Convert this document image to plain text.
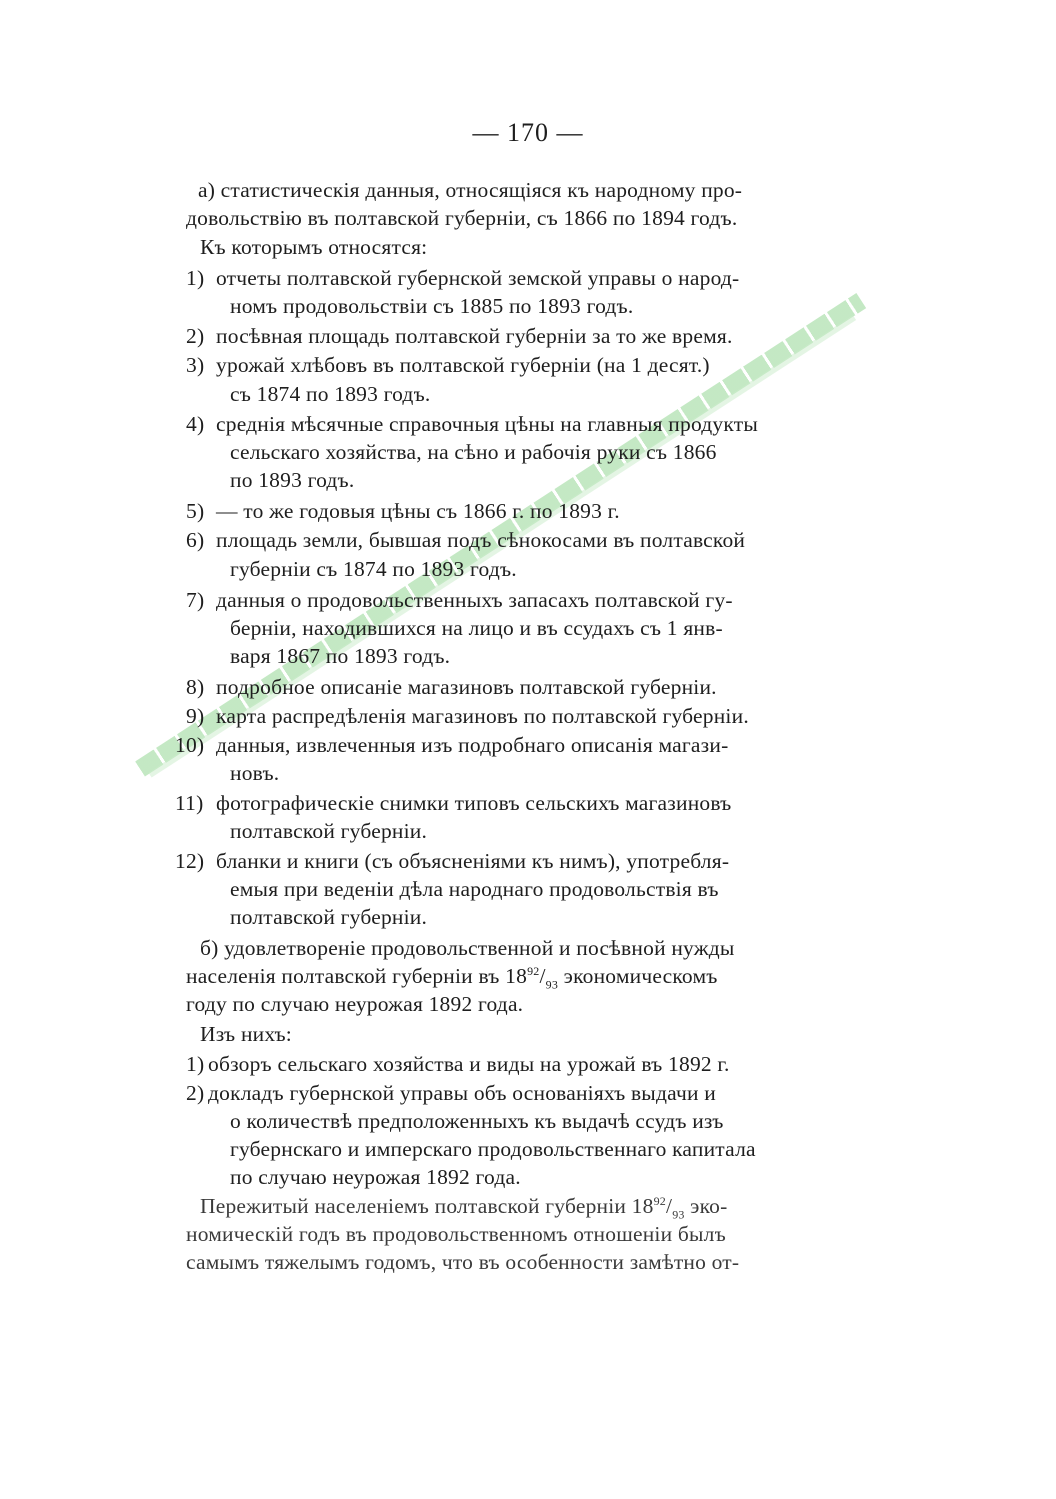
— 170 —
а) статистическія данныя, относящіяся къ народному про-
довольствію въ полтавской губерніи, съ 1866 по 1894 годъ.
Къ которымъ относятся:
1) отчеты полтавской губернской земской управы о народ-
номъ продовольствіи съ 1885 по 1893 годъ.
2) посѣвная площадь полтавской губерніи за то же время.
3) урожай хлѣбовъ въ полтавской губерніи (на 1 десят.)
съ 1874 по 1893 годъ.
4) среднія мѣсячные справочныя цѣны на главныя продукты
сельскаго хозяйства, на сѣно и рабочія руки съ 1866
по 1893 годъ.
5) — то же годовыя цѣны съ 1866 г. по 1893 г.
6) площадь земли, бывшая подъ сѣнокосами въ полтавской
губерніи съ 1874 по 1893 годъ.
7) данныя о продовольственныхъ запасахъ полтавской гу-
берніи, находившихся на лицо и въ ссудахъ съ 1 янв-
варя 1867 по 1893 годъ.
8) подробное описаніе магазиновъ полтавской губерніи.
9) карта распредѣленія магазиновъ по полтавской губерніи.
10) данныя, извлеченныя изъ подробнаго описанія магази-
новъ.
11) фотографическіе снимки типовъ сельскихъ магазиновъ
полтавской губерніи.
12) бланки и книги (съ объясненіями къ нимъ), употребля-
емыя при веденіи дѣла народнаго продовольствія въ
полтавской губерніи.
б) удовлетвореніе продовольственной и посѣвной нужды
населенія полтавской губерніи въ $18^{92}/_{93}$ экономическомъ
году по случаю неурожая 1892 года.
Изъ нихъ:
1) обзоръ сельскаго хозяйства и виды на урожай въ 1892 г.
2) докладъ губернской управы объ основаніяхъ выдачи и
о количествѣ предположенныхъ къ выдачѣ ссудъ изъ
губернскаго и имперскаго продовольственнаго капитала
по случаю неурожая 1892 года.
Пережитый населеніемъ полтавской губерніи $18^{92}/_{93}$ эко-
номическій годъ въ продовольственномъ отношеніи былъ
самымъ тяжелымъ годомъ, что въ особенности замѣтно от-
